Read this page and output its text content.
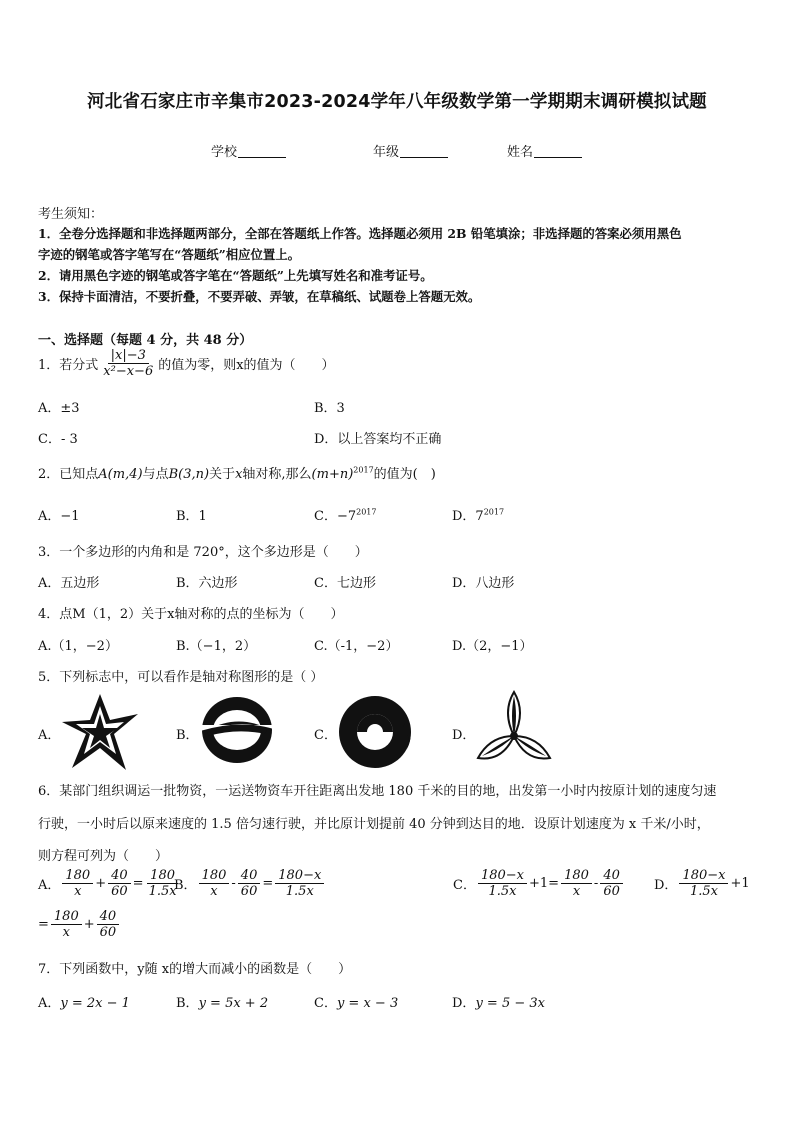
河北省石家庄市辛集市2023-2024学年八年级数学第一学期期末调研模拟试题
学校	年级	姓名
考生须知：
1．全卷分选择题和非选择题两部分，全部在答题纸上作答。选择题必须用 2B 铅笔填涂；非选择题的答案必须用黑色
字迹的钢笔或答字笔写在“答题纸”相应位置上。
2．请用黑色字迹的钢笔或答字笔在“答题纸”上先填写姓名和准考证号。
3．保持卡面清洁，不要折叠，不要弄破、弄皱，在草稿纸、试题卷上答题无效。
一、选择题（每题 4 分，共 48 分）
1．若分式 $\frac{|x|-3}{\text{x²−x−6}}$ 的值为零，则x的值为（　　）
A．±3	B．3
C．- 3	D．以上答案均不正确
2．已知点A(m,4)与点B(3,n)关于x轴对称,那么$(m+n)^{2017}$的值为(　)
A．−1	B．1	C．$-7^{2017}$	D．$7^{2017}$
3．一个多边形的内角和是 720°，这个多边形是（　　）
A．五边形	B．六边形	C．七边形	D．八边形
4．点M（1，2）关于x轴对称的点的坐标为（　　）
A.（1，−2）	B.（−1，2）	C.（-1，−2）	D.（2，−1）
5．下列标志中，可以看作是轴对称图形的是（ ）
A．	B．	C．	D．
6．某部门组织调运一批物资，一运送物资车开往距离出发地 180 千米的目的地，出发第一小时内按原计划的速度匀速
行驶，一小时后以原来速度的 1.5 倍匀速行驶，并比原计划提前 40 分钟到达目的地．设原计划速度为 x 千米/小时，
则方程可列为（　　）
A． $\frac{180}{x} + \frac{40}{60} = \frac{180}{1.5x}$
B． $\frac{180}{x} - \frac{40}{60} = \frac{180-x}{1.5x}$	C． $\frac{180-x}{1.5x} +1 = \frac{180}{x} - \frac{40}{60}$ D． $\frac{180-x}{1.5x} +1$
= $\frac{180}{x} + \frac{40}{60}$
7．下列函数中，y随 x的增大而减小的函数是（　　）
A．y = 2x − 1	B．y = 5x + 2	C．y = x − 3	D．y = 5 − 3x
